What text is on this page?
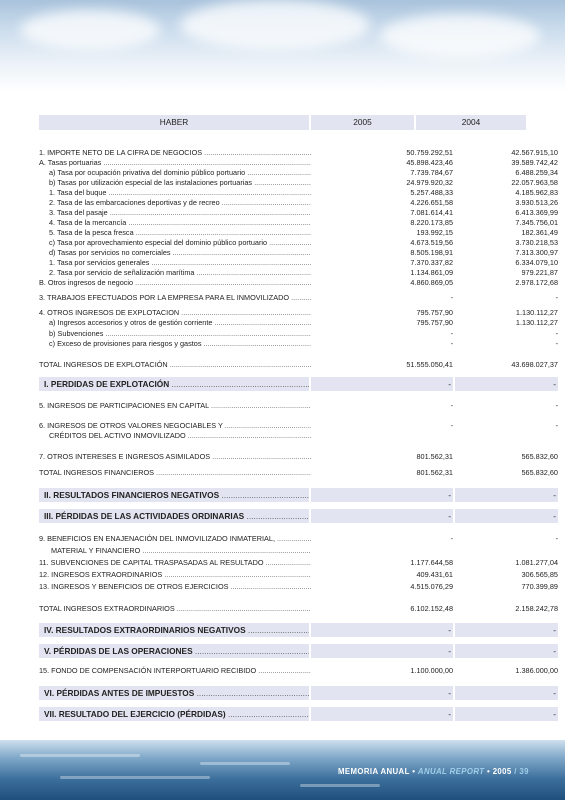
HABER	2005	2004
1. IMPORTE NETO DE LA CIFRA DE NEGOCIOS .....	50.759.292,51	42.567.915,10
A. Tasas portuarias .....	45.898.423,46	39.589.742,42
a) Tasa por ocupación privativa del dominio público portuario .....	7.739.784,67	6.488.259,34
b) Tasas por utilización especial de las instalaciones portuarias .....	24.979.920,32	22.057.963,58
1. Tasa del buque .....	5.257.488,33	4.185.962,83
2. Tasa de las embarcaciones deportivas y de recreo .....	4.226.651,58	3.930.513,26
3. Tasa del pasaje .....	7.081.614,41	6.413.369,99
4. Tasa de la mercancía .....	8.220.173,85	7.345.756,01
5. Tasa de la pesca fresca .....	193.992,15	182.361,49
c) Tasa por aprovechamiento especial del dominio público portuario .....	4.673.519,56	3.730.218,53
d) Tasas por servicios no comerciales .....	8.505.198,91	7.313.300,97
1. Tasa por servicios generales .....	7.370.337,82	6.334.079,10
2. Tasa por servicio de señalización marítima .....	1.134.861,09	979.221,87
B. Otros ingresos de negocio .....	4.860.869,05	2.978.172,68
3. TRABAJOS EFECTUADOS POR LA EMPRESA PARA EL INMOVILIZADO .....	-	-
4. OTROS INGRESOS DE EXPLOTACION .....	795.757,90	1.130.112,27
a) Ingresos accesorios y otros de gestión corriente .....	795.757,90	1.130.112,27
b) Subvenciones .....	-	-
c) Exceso de provisiones para riesgos y gastos .....	-	-
TOTAL INGRESOS DE EXPLOTACIÓN .....	51.555.050,41	43.698.027,37
I. PERDIDAS DE EXPLOTACIÓN .....	-	-
5. INGRESOS DE PARTICIPACIONES EN CAPITAL .....	-	-
6. INGRESOS DE OTROS VALORES NEGOCIABLES Y .....	-	-
CRÉDITOS DEL ACTIVO INMOVILIZADO .....
7. OTROS INTERESES E INGRESOS ASIMILADOS .....	801.562,31	565.832,60
TOTAL INGRESOS FINANCIEROS .....	801.562,31	565.832,60
II. RESULTADOS FINANCIEROS NEGATIVOS .....	-	-
III. PÉRDIDAS DE LAS ACTIVIDADES ORDINARIAS .....	-	-
9. BENEFICIOS EN ENAJENACIÓN DEL INMOVILIZADO INMATERIAL, .....	-	-
MATERIAL Y FINANCIERO .....
11. SUBVENCIONES DE CAPITAL TRASPASADAS AL RESULTADO .....	1.177.644,58	1.081.277,04
12. INGRESOS EXTRAORDINARIOS .....	409.431,61	306.565,85
13. INGRESOS Y BENEFICIOS DE OTROS EJERCICIOS .....	4.515.076,29	770.399,89
TOTAL INGRESOS EXTRAORDINARIOS .....	6.102.152,48	2.158.242,78
IV. RESULTADOS EXTRAORDINARIOS NEGATIVOS .....	-	-
V. PÉRDIDAS DE LAS OPERACIONES .....	-	-
15. FONDO DE COMPENSACIÓN INTERPORTUARIO RECIBIDO .....	1.100.000,00	1.386.000,00
VI. PÉRDIDAS ANTES DE IMPUESTOS .....	-	-
VII. RESULTADO DEL EJERCICIO (PÉRDIDAS) .....	-	-
MEMORIA ANUAL • ANUAL REPORT • 2005 / 39
